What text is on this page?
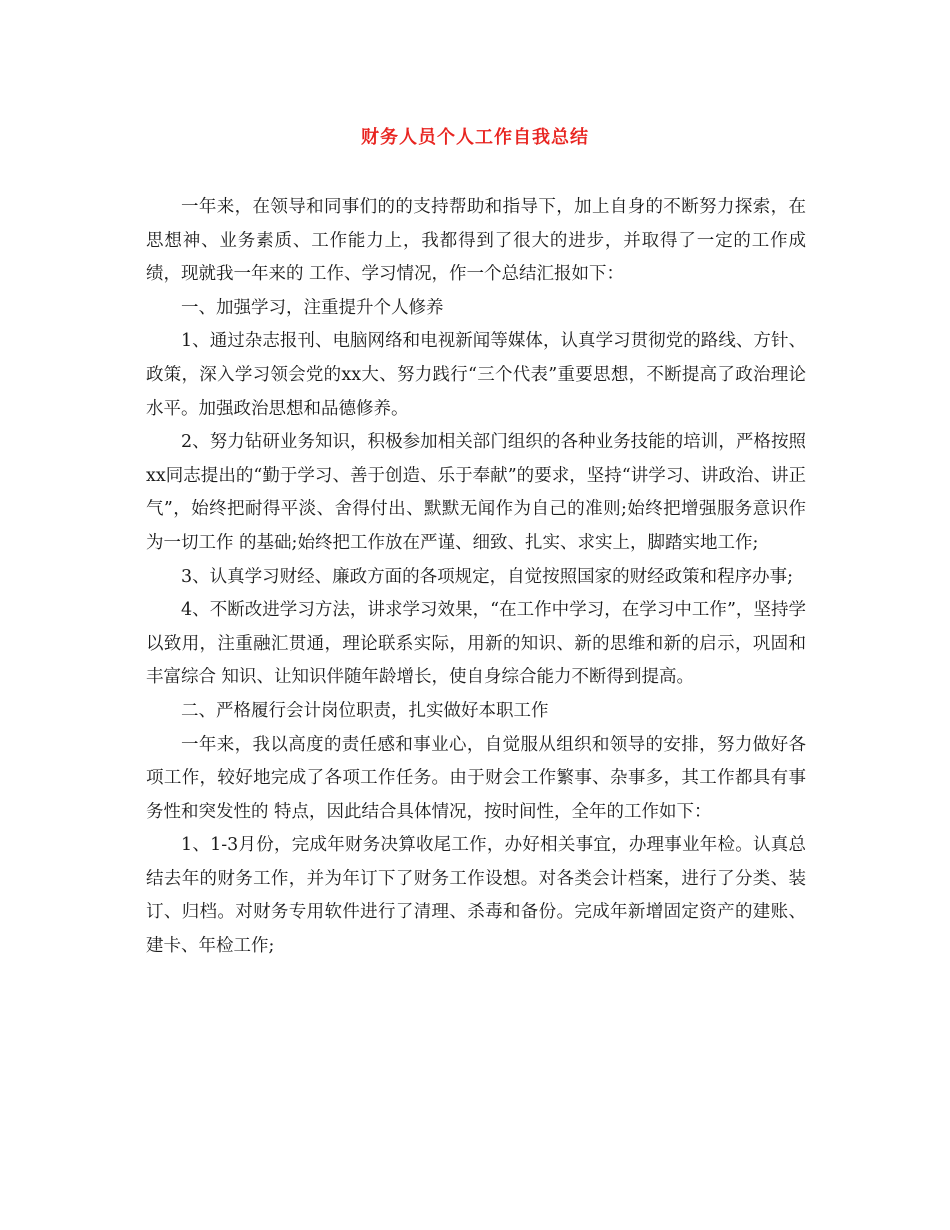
财务人员个人工作自我总结

一年来，在领导和同事们的的支持帮助和指导下，加上自身的不断努力探索，在思想神、业务素质、工作能力上，我都得到了很大的进步，并取得了一定的工作成绩，现就我一年来的 工作、学习情况，作一个总结汇报如下：

一、加强学习，注重提升个人修养

1、通过杂志报刊、电脑网络和电视新闻等媒体，认真学习贯彻党的路线、方针、政策，深入学习领会党的xx大、努力践行“三个代表”重要思想，不断提高了政治理论水平。加强政治思想和品德修养。

2、努力钻研业务知识，积极参加相关部门组织的各种业务技能的培训，严格按照xx同志提出的“勤于学习、善于创造、乐于奉献”的要求，坚持“讲学习、讲政治、讲正气”，始终把耐得平淡、舍得付出、默默无闻作为自己的准则;始终把增强服务意识作为一切工作 的基础;始终把工作放在严谨、细致、扎实、求实上，脚踏实地工作;

3、认真学习财经、廉政方面的各项规定，自觉按照国家的财经政策和程序办事;

4、不断改进学习方法，讲求学习效果，“在工作中学习，在学习中工作”，坚持学以致用，注重融汇贯通，理论联系实际，用新的知识、新的思维和新的启示，巩固和丰富综合 知识、让知识伴随年龄增长，使自身综合能力不断得到提高。

二、严格履行会计岗位职责，扎实做好本职工作

一年来，我以高度的责任感和事业心，自觉服从组织和领导的安排，努力做好各项工作，较好地完成了各项工作任务。由于财会工作繁事、杂事多，其工作都具有事务性和突发性的 特点，因此结合具体情况，按时间性，全年的工作如下：

1、1-3月份，完成年财务决算收尾工作，办好相关事宜，办理事业年检。认真总结去年的财务工作，并为年订下了财务工作设想。对各类会计档案，进行了分类、装订、归档。对财务专用软件进行了清理、杀毒和备份。完成年新增固定资产的建账、建卡、年检工作;
